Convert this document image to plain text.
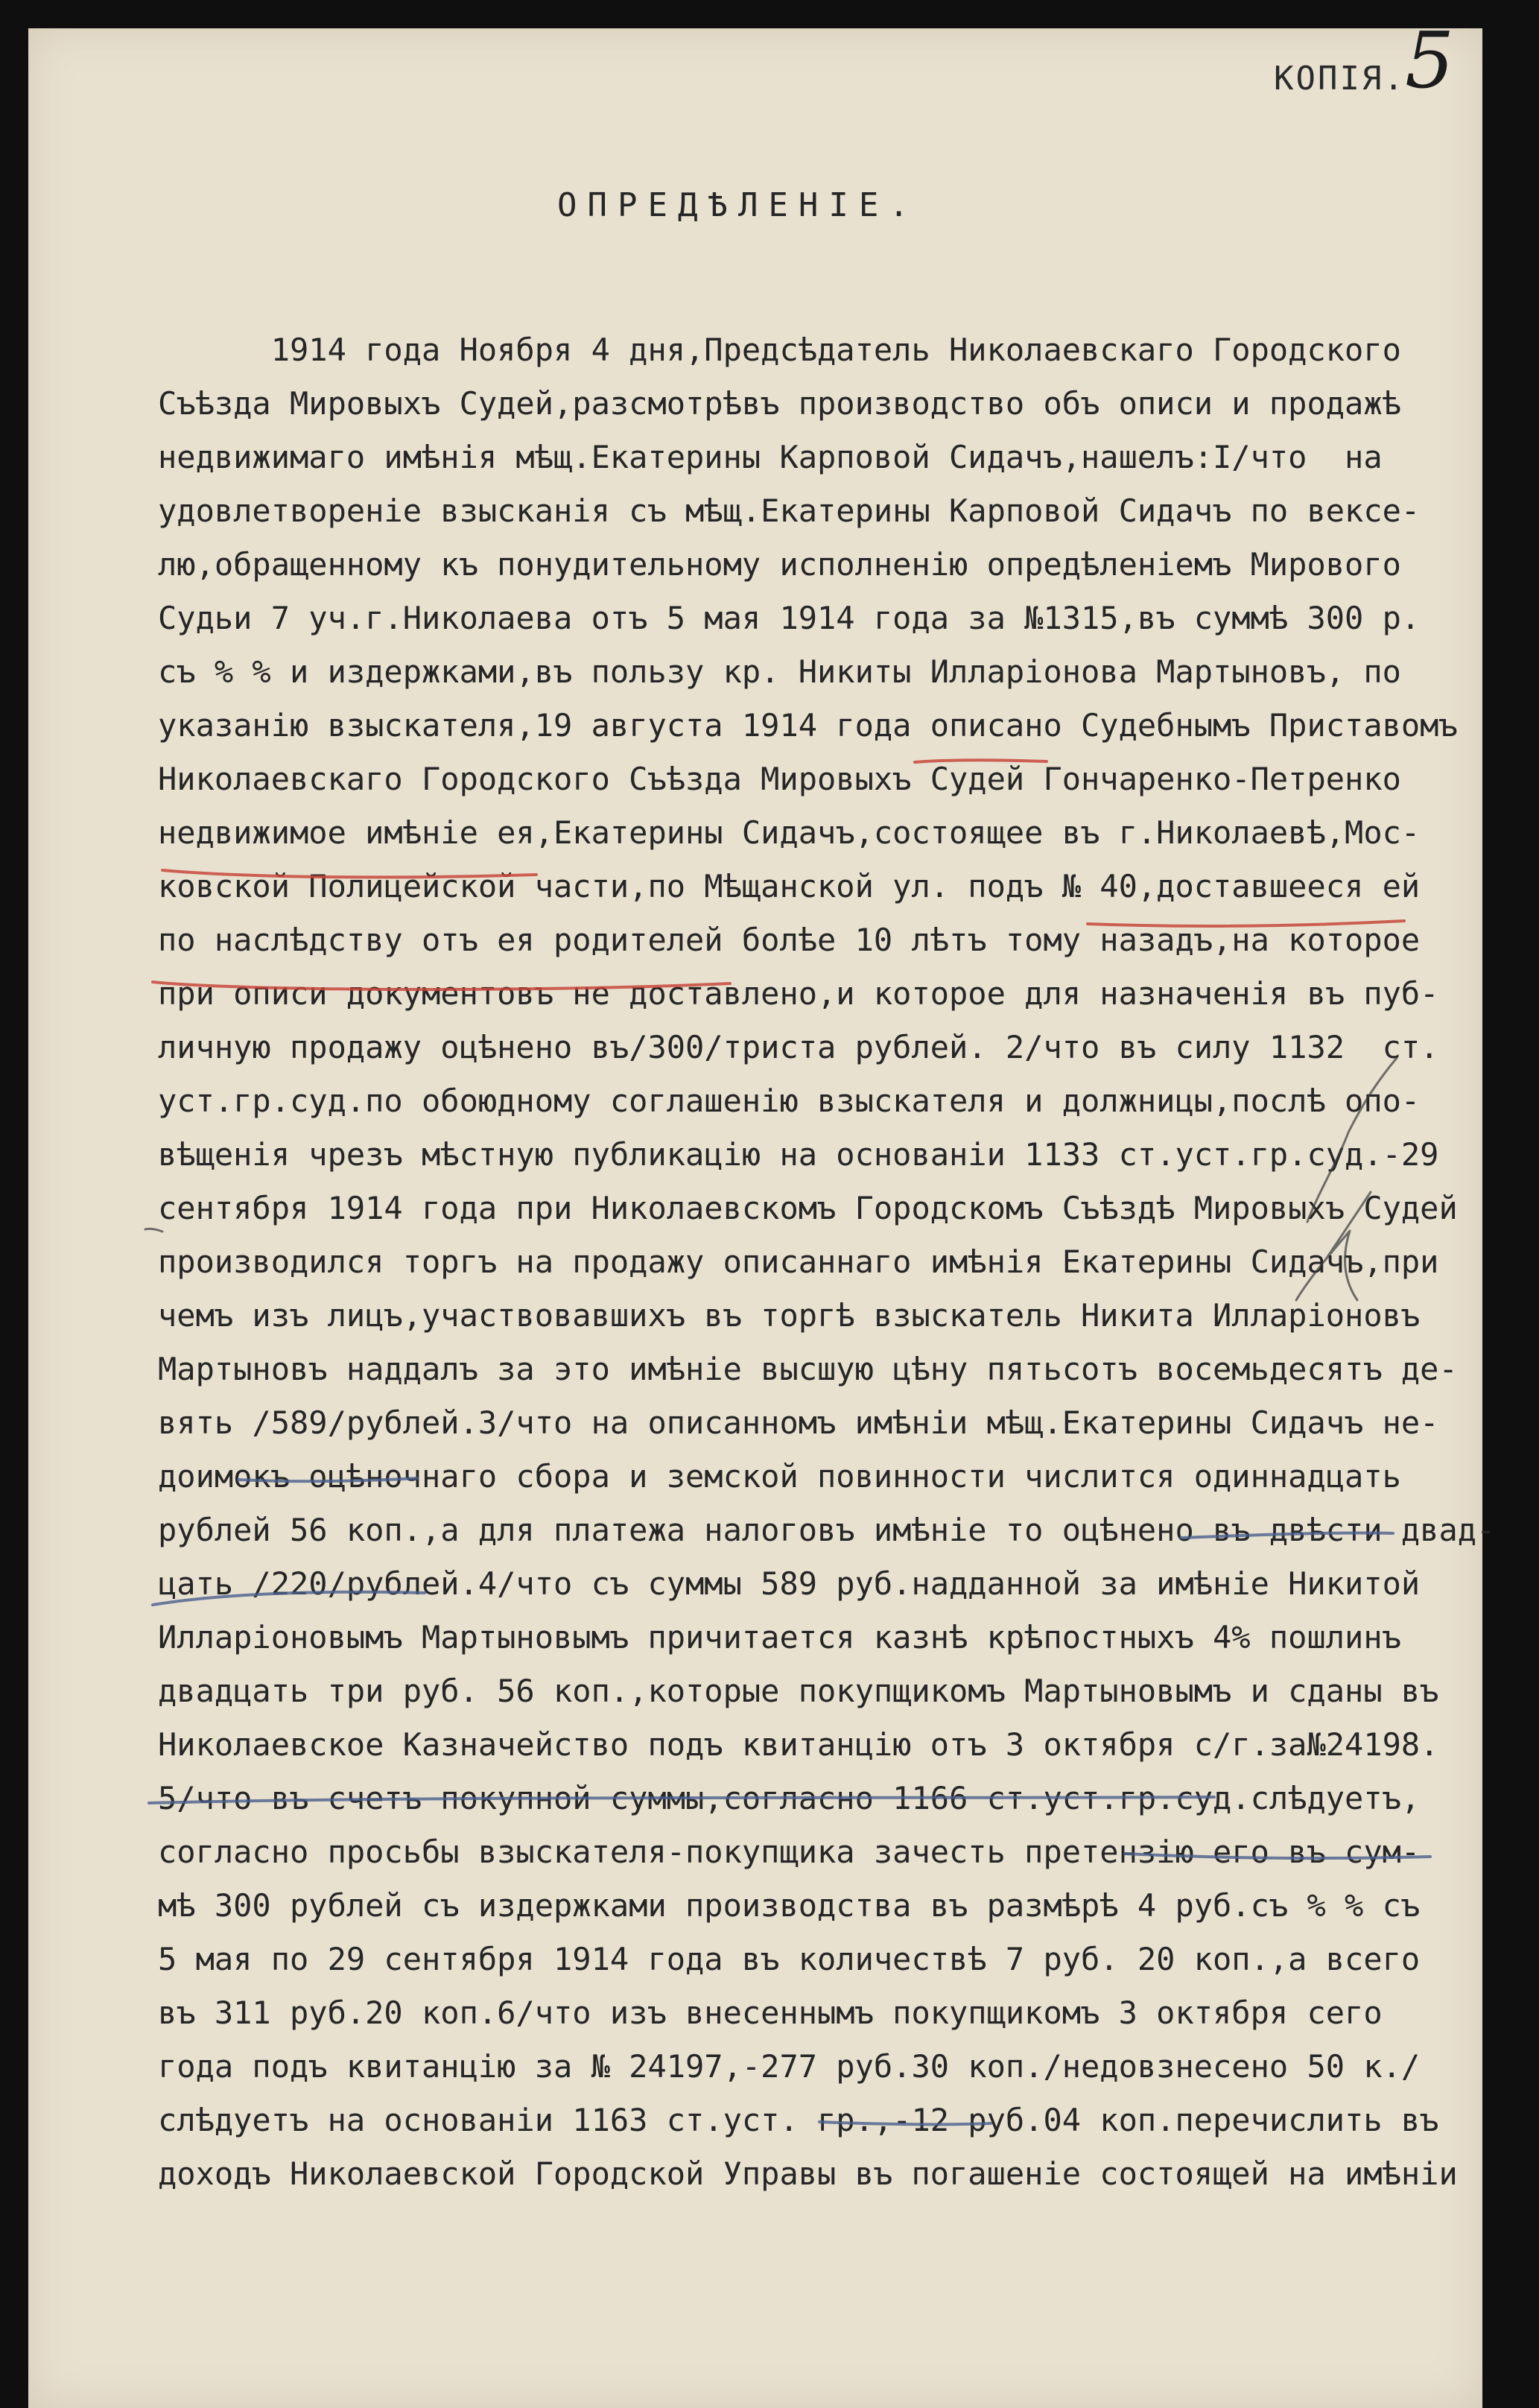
КОПІЯ. 5
ОПРЕДѢЛЕНІЕ.
1914 года Ноября 4 дня,Предсѣдатель Николаевскаго Городского
Съѣзда Мировыхъ Судей,разсмотрѣвъ производство объ описи и продажѣ
недвижимаго имѣнія мѣщ.Екатерины Карповой Сидачъ,нашелъ:I/что  на
удовлетвореніе взысканія съ мѣщ.Екатерины Карповой Сидачъ по вексе-
лю,обращенному къ понудительному исполненію опредѣленіемъ Мирового
Судьи 7 уч.г.Николаева отъ 5 мая 1914 года за №1315,въ суммѣ 300 р.
съ % % и издержками,въ пользу кр. Никиты Илларіонова Мартыновъ, по
указанію взыскателя,19 августа 1914 года описано Судебнымъ Приставомъ
Николаевскаго Городского Съѣзда Мировыхъ Судей Гончаренко-Петренко
недвижимое имѣніе ея,Екатерины Сидачъ,состоящее въ г.Николаевѣ,Мос-
ковской Полицейской части,по Мѣщанской ул. подъ № 40,доставшееся ей
по наслѣдству отъ ея родителей болѣе 10 лѣтъ тому назадъ,на которое
при описи документовъ не доставлено,и которое для назначенія въ пуб-
личную продажу оцѣнено въ/300/триста рублей. 2/что въ силу 1132  ст.
уст.гр.суд.по обоюдному соглашенію взыскателя и должницы,послѣ опо-
вѣщенія чрезъ мѣстную публикацію на основаніи 1133 ст.уст.гр.суд.-29
сентября 1914 года при Николаевскомъ Городскомъ Съѣздѣ Мировыхъ Судей
производился торгъ на продажу описаннаго имѣнія Екатерины Сидачъ,при
чемъ изъ лицъ,участвовавшихъ въ торгѣ взыскатель Никита Илларіоновъ
Мартыновъ наддалъ за это имѣніе высшую цѣну пятьсотъ восемьдесятъ де-
вять /589/рублей.3/что на описанномъ имѣніи мѣщ.Екатерины Сидачъ не-
доимокъ оцѣночнаго сбора и земской повинности числится одиннадцать
рублей 56 коп.,а для платежа налоговъ имѣніе то оцѣнено въ двѣсти двад-
цать /220/рублей.4/что съ суммы 589 руб.надданной за имѣніе Никитой
Илларіоновымъ Мартыновымъ причитается казнѣ крѣпостныхъ 4% пошлинъ
двадцать три руб. 56 коп.,которые покупщикомъ Мартыновымъ и сданы въ
Николаевское Казначейство подъ квитанцію отъ 3 октября с/г.за№24198.
5/что въ счетъ покупной суммы,согласно 1166 ст.уст.гр.суд.слѣдуетъ,
согласно просьбы взыскателя-покупщика зачесть претензію его въ сум-
мѣ 300 рублей съ издержками производства въ размѣрѣ 4 руб.съ % % съ
5 мая по 29 сентября 1914 года въ количествѣ 7 руб. 20 коп.,а всего
въ 311 руб.20 коп.6/что изъ внесеннымъ покупщикомъ 3 октября сего
года подъ квитанцію за № 24197,-277 руб.30 коп./недовзнесено 50 к./
слѣдуетъ на основаніи 1163 ст.уст. гр.,-12 руб.04 коп.перечислить въ
доходъ Николаевской Городской Управы въ погашеніе состоящей на имѣніи
